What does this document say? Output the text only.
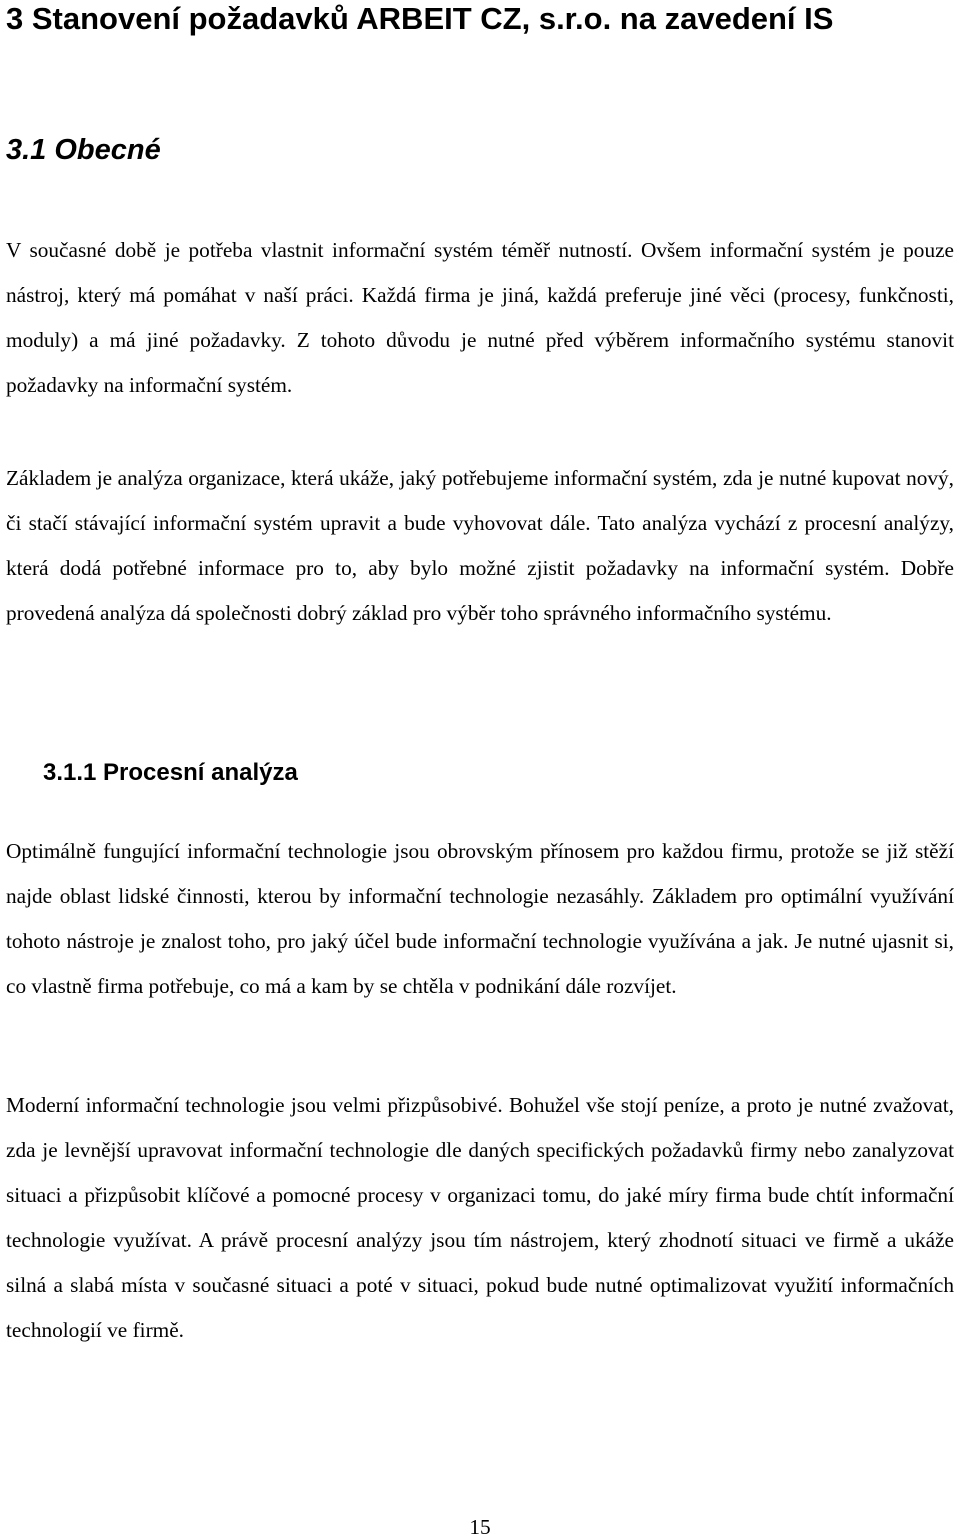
3 Stanovení požadavků ARBEIT CZ, s.r.o. na zavedení IS
3.1 Obecné

V současné době je potřeba vlastnit informační systém téměř nutností. Ovšem informační systém je pouze nástroj, který má pomáhat v naší práci. Každá firma je jiná, každá preferuje jiné věci (procesy, funkčnosti, moduly) a má jiné požadavky. Z tohoto důvodu je nutné před výběrem informačního systému stanovit požadavky na informační systém.

Základem je analýza organizace, která ukáže, jaký potřebujeme informační systém, zda je nutné kupovat nový, či stačí stávající informační systém upravit a bude vyhovovat dále. Tato analýza vychází z procesní analýzy, která dodá potřebné informace pro to, aby bylo možné zjistit požadavky na informační systém. Dobře provedená analýza dá společnosti dobrý základ pro výběr toho správného informačního systému.

3.1.1 Procesní analýza

Optimálně fungující informační technologie jsou obrovským přínosem pro každou firmu, protože se již stěží najde oblast lidské činnosti, kterou by informační technologie nezasáhly. Základem pro optimální využívání tohoto nástroje je znalost toho, pro jaký účel bude informační technologie využívána a jak. Je nutné ujasnit si, co vlastně firma potřebuje, co má a kam by se chtěla v podnikání dále rozvíjet.

Moderní informační technologie jsou velmi přizpůsobivé. Bohužel vše stojí peníze, a proto je nutné zvažovat, zda je levnější upravovat informační technologie dle daných specifických požadavků firmy nebo zanalyzovat situaci a přizpůsobit klíčové a pomocné procesy v organizaci tomu, do jaké míry firma bude chtít informační technologie využívat. A právě procesní analýzy jsou tím nástrojem, který zhodnotí situaci ve firmě a ukáže silná a slabá místa v současné situaci a poté v situaci, pokud bude nutné optimalizovat využití informačních technologií ve firmě.

15
